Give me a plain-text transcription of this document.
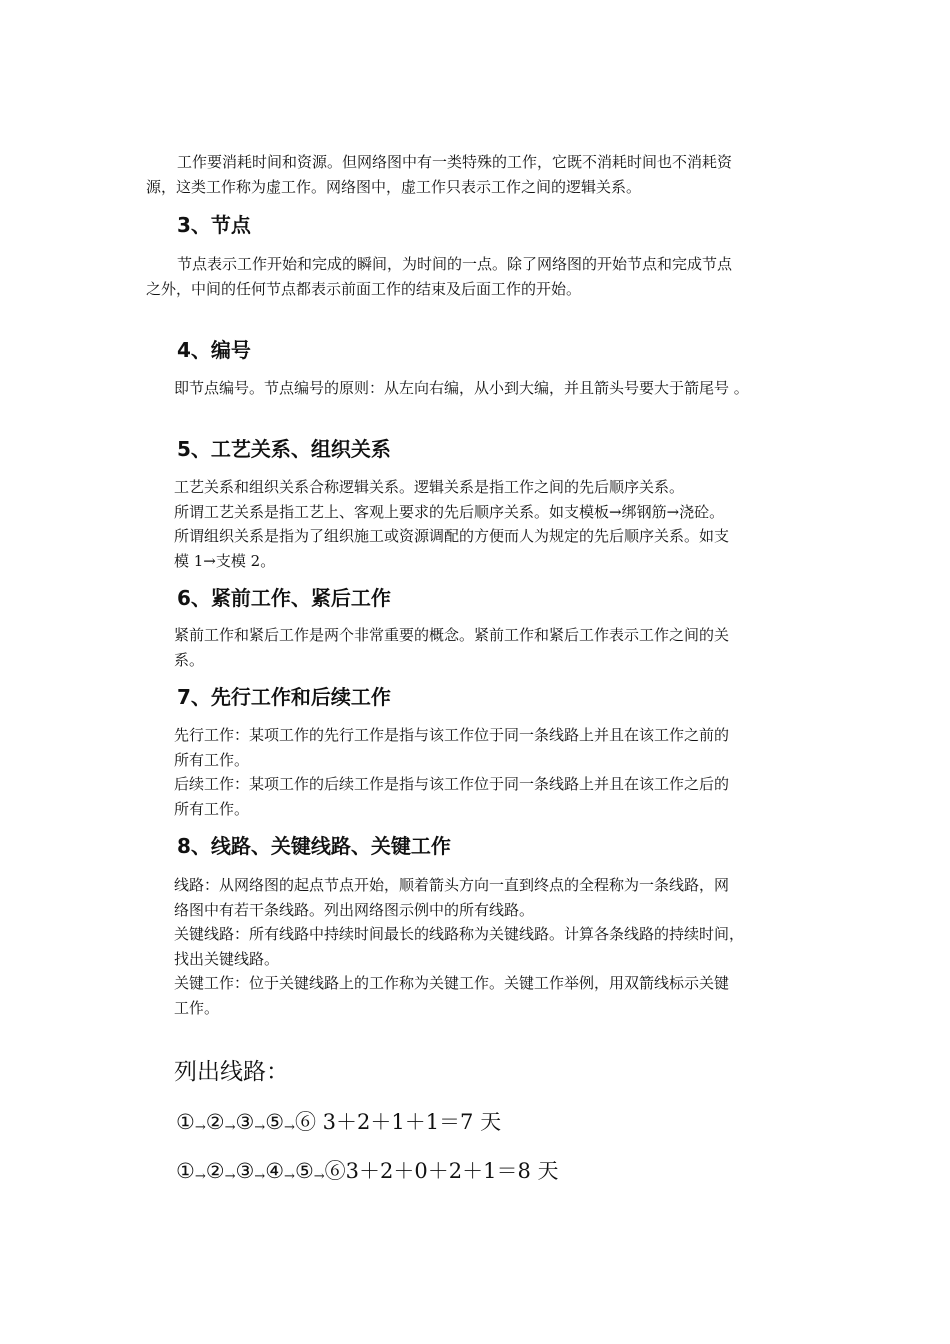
工作要消耗时间和资源。但网络图中有一类特殊的工作，它既不消耗时间也不消耗资
源，这类工作称为虚工作。网络图中，虚工作只表示工作之间的逻辑关系。
3、节点
节点表示工作开始和完成的瞬间，为时间的一点。除了网络图的开始节点和完成节点
之外，中间的任何节点都表示前面工作的结束及后面工作的开始。
4、编号
即节点编号。节点编号的原则：从左向右编，从小到大编，并且箭头号要大于箭尾号 。
5、工艺关系、组织关系
工艺关系和组织关系合称逻辑关系。逻辑关系是指工作之间的先后顺序关系。
所谓工艺关系是指工艺上、客观上要求的先后顺序关系。如支模板→绑钢筋→浇砼。
所谓组织关系是指为了组织施工或资源调配的方便而人为规定的先后顺序关系。如支
模 1→支模 2。
6、紧前工作、紧后工作
紧前工作和紧后工作是两个非常重要的概念。紧前工作和紧后工作表示工作之间的关
系。
7、先行工作和后续工作
先行工作：某项工作的先行工作是指与该工作位于同一条线路上并且在该工作之前的
所有工作。
后续工作：某项工作的后续工作是指与该工作位于同一条线路上并且在该工作之后的
所有工作。
8、线路、关键线路、关键工作
线路：从网络图的起点节点开始，顺着箭头方向一直到终点的全程称为一条线路，网
络图中有若干条线路。列出网络图示例中的所有线路。
关键线路：所有线路中持续时间最长的线路称为关键线路。计算各条线路的持续时间，
找出关键线路。
关键工作：位于关键线路上的工作称为关键工作。关键工作举例，用双箭线标示关键
工作。
列出线路：
①→②→③→⑤→⑥ 3＋2＋1＋1＝7 天
①→②→③→④→⑤→⑥3＋2＋0＋2＋1＝8 天
